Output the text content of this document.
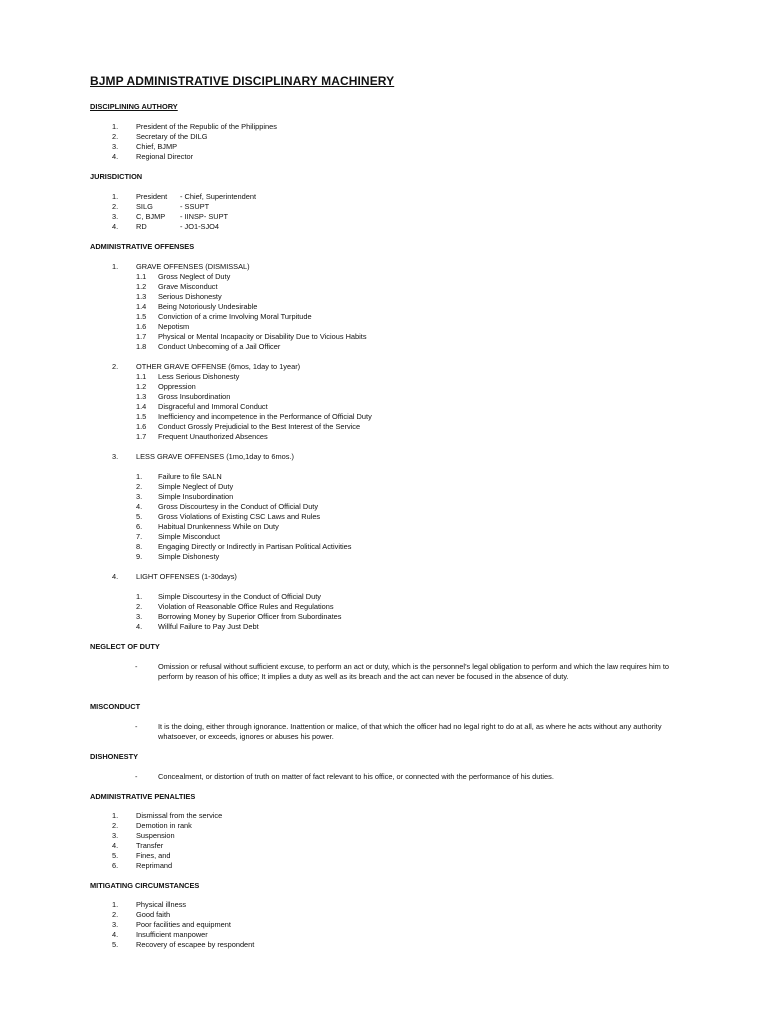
BJMP ADMINISTRATIVE DISCIPLINARY MACHINERY

DISCIPLINING AUTHORY

1. President of the Republic of the Philippines
2. Secretary of the DILG
3. Chief, BJMP
4. Regional Director

JURISDICTION

1. President - Chief, Superintendent
2. SILG	- SSUPT
3. C, BJMP - IINSP- SUPT
4. RD	- JO1-SJO4

ADMINISTRATIVE OFFENSES

1. GRAVE OFFENSES (DISMISSAL)
1.1 Gross Neglect of Duty
1.2 Grave Misconduct
1.3 Serious Dishonesty
1.4 Being Notoriously Undesirable
1.5 Conviction of a crime Involving Moral Turpitude
1.6 Nepotism
1.7 Physical or Mental Incapacity or Disability Due to Vicious Habits
1.8 Conduct Unbecoming of a Jail Officer
2. OTHER GRAVE OFFENSE (6mos, 1day to 1year)
1.1 Less Serious Dishonesty
1.2 Oppression
1.3 Gross Insubordination
1.4 Disgraceful and Immoral Conduct
1.5 Inefficiency and incompetence in the Performance of Official Duty
1.6 Conduct Grossly Prejudicial to the Best Interest of the Service
1.7 Frequent Unauthorized Absences
3. LESS GRAVE OFFENSES (1mo,1day to 6mos.)
1. Failure to file SALN
2. Simple Neglect of Duty
3. Simple Insubordination
4. Gross Discourtesy in the Conduct of Official Duty
5. Gross Violations of Existing CSC Laws and Rules
6. Habitual Drunkenness While on Duty
7. Simple Misconduct
8. Engaging Directly or Indirectly in Partisan Political Activities
9. Simple Dishonesty
4. LIGHT OFFENSES (1-30days)
1. Simple Discourtesy in the Conduct of Official Duty
2. Violation of Reasonable Office Rules and Regulations
3. Borrowing Money by Superior Officer from Subordinates
4. Willful Failure to Pay Just Debt

NEGLECT OF DUTY

-	Omission or refusal without sufficient excuse, to perform an act or duty, which is the personnel’s legal obligation to perform and which the law requires him to perform by reason of his office; It implies a duty as well as its breach and the act can never be focused in the absence of duty.

MISCONDUCT

-	It is the doing, either through ignorance. Inattention or malice, of that which the officer had no legal right to do at all, as where he acts without any authority whatsoever, or exceeds, ignores or abuses his power.

DISHONESTY

-	Concealment, or distortion of truth on matter of fact relevant to his office, or connected with the performance of his duties.

ADMINISTRATIVE PENALTIES

1. Dismissal from the service
2. Demotion in rank
3. Suspension
4. Transfer
5. Fines, and
6. Reprimand

MITIGATING CIRCUMSTANCES

1. Physical illness
2. Good faith
3. Poor facilities and equipment
4. Insufficient manpower
5. Recovery of escapee by respondent
